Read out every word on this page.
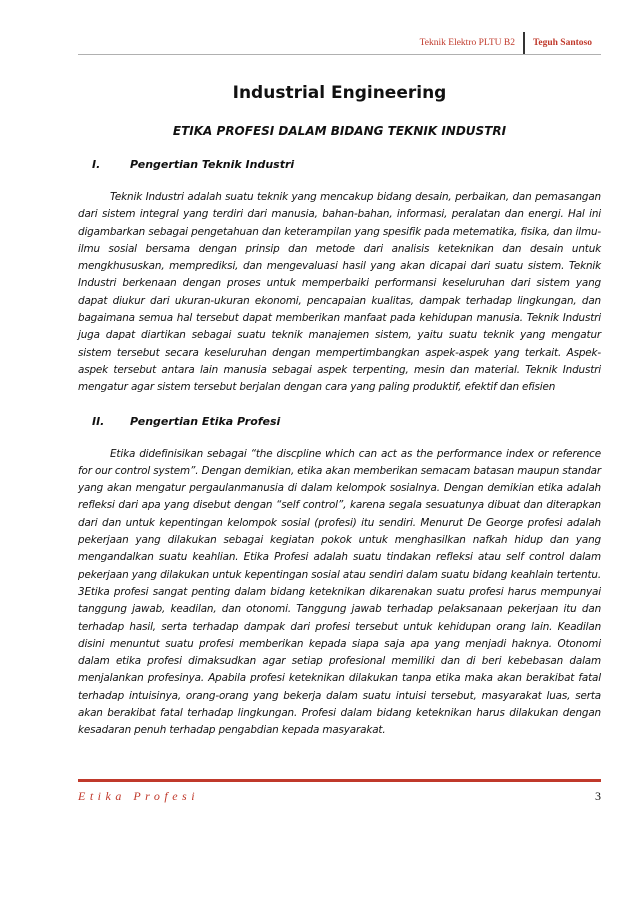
Teknik Elektro PLTU B2	Teguh Santoso
Industrial Engineering
ETIKA PROFESI DALAM BIDANG TEKNIK INDUSTRI
I.	Pengertian Teknik Industri

Teknik Industri adalah suatu teknik yang mencakup bidang desain, perbaikan, dan pemasangan dari sistem integral yang terdiri dari manusia, bahan-bahan, informasi, peralatan dan energi. Hal ini digambarkan sebagai pengetahuan dan keterampilan yang spesifik pada metematika, fisika, dan ilmu-ilmu sosial bersama dengan prinsip dan metode dari analisis keteknikan dan desain untuk mengkhususkan, memprediksi, dan mengevaluasi hasil yang akan dicapai dari suatu sistem. Teknik Industri berkenaan dengan proses untuk memperbaiki performansi keseluruhan dari sistem yang dapat diukur dari ukuran-ukuran ekonomi, pencapaian kualitas, dampak terhadap lingkungan, dan bagaimana semua hal tersebut dapat memberikan manfaat pada kehidupan manusia. Teknik Industri juga dapat diartikan sebagai suatu teknik manajemen sistem, yaitu suatu teknik yang mengatur sistem tersebut secara keseluruhan dengan mempertimbangkan aspek-aspek yang terkait. Aspek-aspek tersebut antara lain manusia sebagai aspek terpenting, mesin dan material. Teknik Industri mengatur agar sistem tersebut berjalan dengan cara yang paling produktif, efektif dan efisien

II.	Pengertian Etika Profesi

Etika didefinisikan sebagai “the discpline which can act as the performance index or reference for our control system”. Dengan demikian, etika akan memberikan semacam batasan maupun standar yang akan mengatur pergaulanmanusia di dalam kelompok sosialnya. Dengan demikian etika adalah refleksi dari apa yang disebut dengan “self control”, karena segala sesuatunya dibuat dan diterapkan dari dan untuk kepentingan kelompok sosial (profesi) itu sendiri. Menurut De George profesi adalah pekerjaan yang dilakukan sebagai kegiatan pokok untuk menghasilkan nafkah hidup dan yang mengandalkan suatu keahlian. Etika Profesi adalah suatu tindakan refleksi atau self control dalam pekerjaan yang dilakukan untuk kepentingan sosial atau sendiri dalam suatu bidang keahlain tertentu. 3Etika profesi sangat penting dalam bidang keteknikan dikarenakan suatu profesi harus mempunyai tanggung jawab, keadilan, dan otonomi. Tanggung jawab terhadap pelaksanaan pekerjaan itu dan terhadap hasil, serta terhadap dampak dari profesi tersebut untuk kehidupan orang lain. Keadilan disini menuntut suatu profesi memberikan kepada siapa saja apa yang menjadi haknya. Otonomi dalam etika profesi dimaksudkan agar setiap profesional memiliki dan di beri kebebasan dalam menjalankan profesinya. Apabila profesi keteknikan dilakukan tanpa etika maka akan berakibat fatal terhadap intuisinya, orang-orang yang bekerja dalam suatu intuisi tersebut, masyarakat luas, serta akan berakibat fatal terhadap lingkungan. Profesi dalam bidang keteknikan harus dilakukan dengan kesadaran penuh terhadap pengabdian kepada masyarakat.

Etika Profesi	3
